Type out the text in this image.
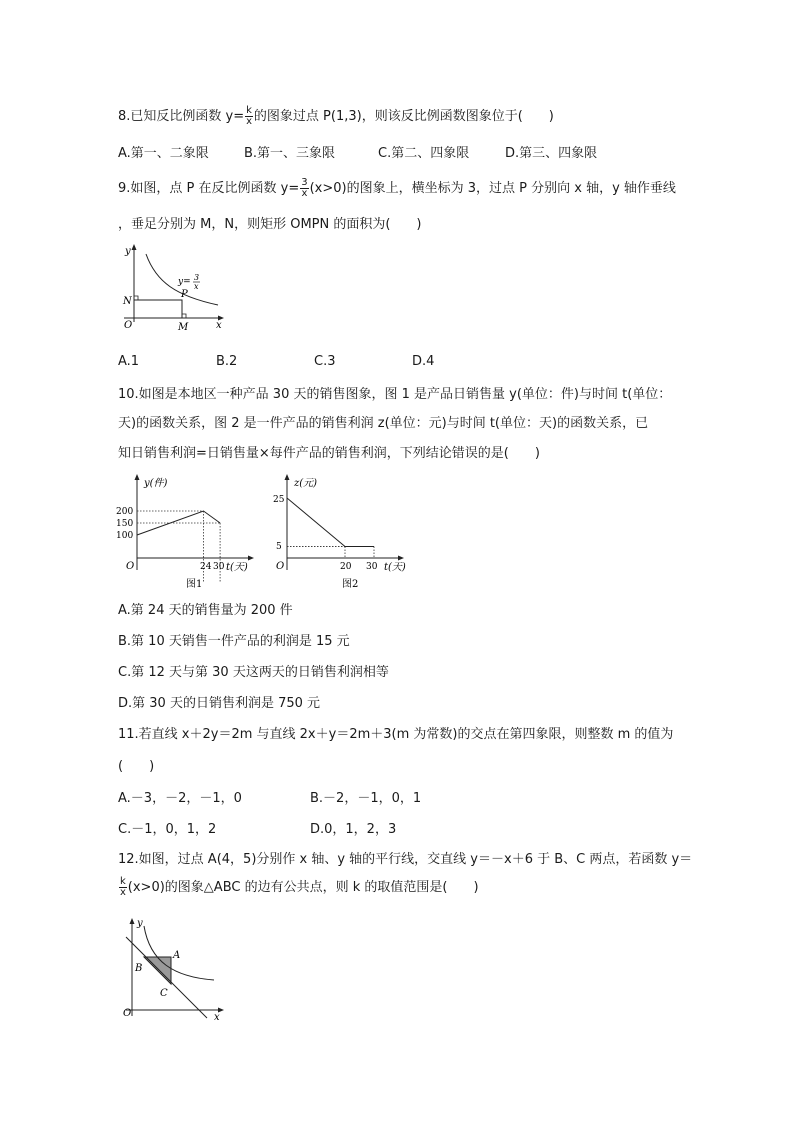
8.已知反比例函数 $y= \frac{k}{x}$ 的图象过点 P(1,3)，则该反比例函数图象位于(　　)
A.第一、二象限	B.第一、三象限	C.第二、四象限	D.第三、四象限
9.如图，点 P 在反比例函数 $y= \frac{3}{x} (x>0)$的图象上，横坐标为 3，过点 P 分别向 x 轴，y 轴作垂线
，垂足分别为 M，N，则矩形 OMPN 的面积为(　　)
y
N
O	M	x
P
y= 3
x
A.1	B.2	C.3	D.4
10.如图是本地区一种产品 30 天的销售图象，图 1 是产品日销售量 y(单位：件)与时间 t(单位：
天)的函数关系，图 2 是一件产品的销售利润 z(单位：元)与时间 t(单位：天)的函数关系，已
知日销售利润=日销售量×每件产品的销售利润，下列结论错误的是(　　)
y(件)
200
150
100
O	24 30 t(天)
图1
z(元)
25
5
O	20 30 t(天)
图2
A.第 24 天的销售量为 200 件
B.第 10 天销售一件产品的利润是 15 元
C.第 12 天与第 30 天这两天的日销售利润相等
D.第 30 天的日销售利润是 750 元
11.若直线 x＋2y＝2m 与直线 2x＋y＝2m＋3(m 为常数)的交点在第四象限，则整数 m 的值为
(　　)
A.－3，－2，－1，0	B.－2，－1，0，1
C.－1，0，1，2	D.0，1，2，3
12.如图，过点 A(4，5)分别作 x 轴、y 轴的平行线，交直线 y＝－x＋6 于 B、C 两点，若函数 y＝
$\frac{k}{x} (x>0)$的图象△ABC 的边有公共点，则 k 的取值范围是(　　)
y
A
B
C
O	x
